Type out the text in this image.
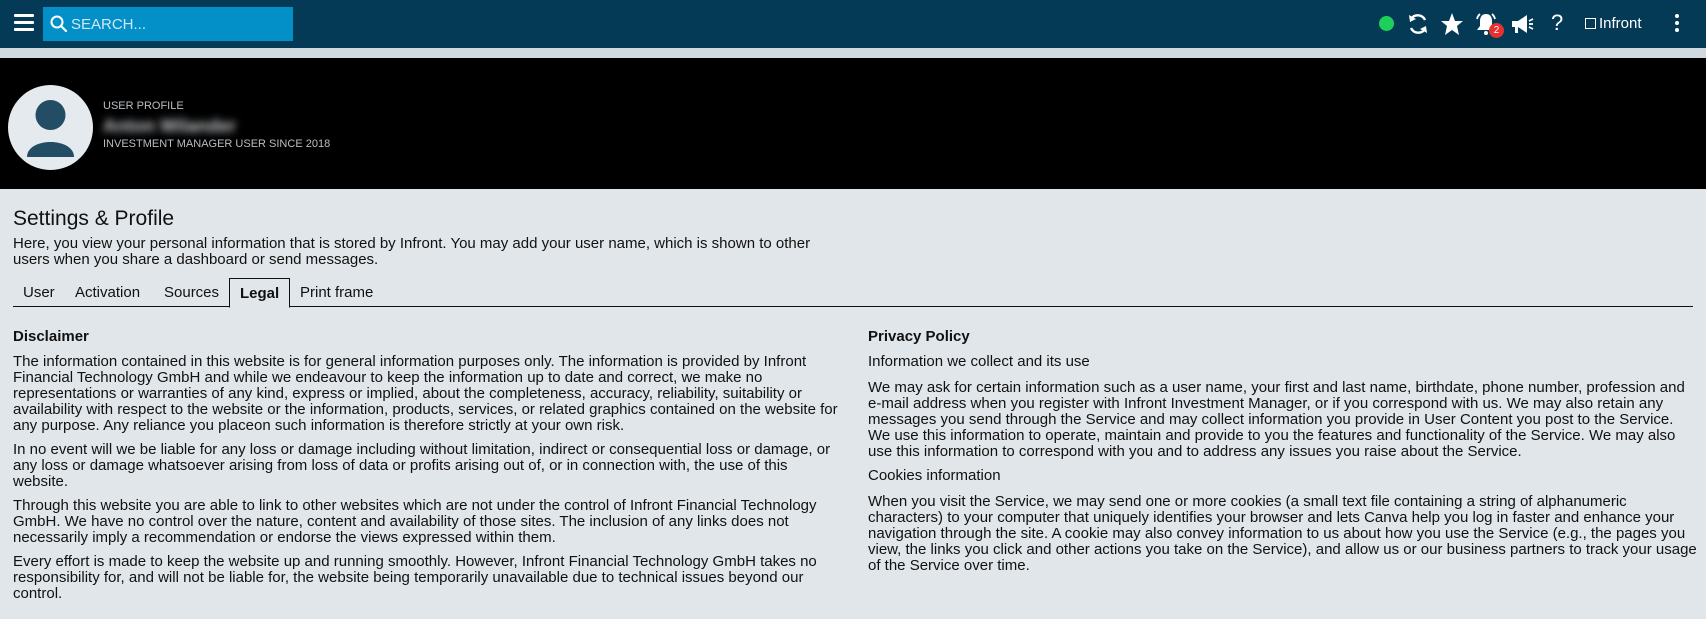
SEARCH...
2 ?	Infront
USER PROFILE
Anton Wilander
INVESTMENT MANAGER USER SINCE 2018
Settings & Profile

Here, you view your personal information that is stored by Infront. You may add your user name, which is shown to other users when you share a dashboard or send messages.

User	Activation	Sources	Legal	Print frame
Disclaimer

The information contained in this website is for general information purposes only. The information is provided by Infront Financial Technology GmbH and while we endeavour to keep the information up to date and correct, we make no representations or warranties of any kind, express or implied, about the completeness, accuracy, reliability, suitability or availability with respect to the website or the information, products, services, or related graphics contained on the website for any purpose. Any reliance you placeon such information is therefore strictly at your own risk.

In no event will we be liable for any loss or damage including without limitation, indirect or consequential loss or damage, or any loss or damage whatsoever arising from loss of data or profits arising out of, or in connection with, the use of this website.

Through this website you are able to link to other websites which are not under the control of Infront Financial Technology GmbH. We have no control over the nature, content and availability of those sites. The inclusion of any links does not necessarily imply a recommendation or endorse the views expressed within them.

Every effort is made to keep the website up and running smoothly. However, Infront Financial Technology GmbH takes no responsibility for, and will not be liable for, the website being temporarily unavailable due to technical issues beyond our control.

Privacy Policy
Information we collect and its use

We may ask for certain information such as a user name, your first and last name, birthdate, phone number, profession and e-mail address when you register with Infront Investment Manager, or if you correspond with us. We may also retain any messages you send through the Service and may collect information you provide in User Content you post to the Service. We use this information to operate, maintain and provide to you the features and functionality of the Service. We may also use this information to correspond with you and to address any issues you raise about the Service.

Cookies information

When you visit the Service, we may send one or more cookies (a small text file containing a string of alphanumeric characters) to your computer that uniquely identifies your browser and lets Canva help you log in faster and enhance your navigation through the site. A cookie may also convey information to us about how you use the Service (e.g., the pages you view, the links you click and other actions you take on the Service), and allow us or our business partners to track your usage of the Service over time.
